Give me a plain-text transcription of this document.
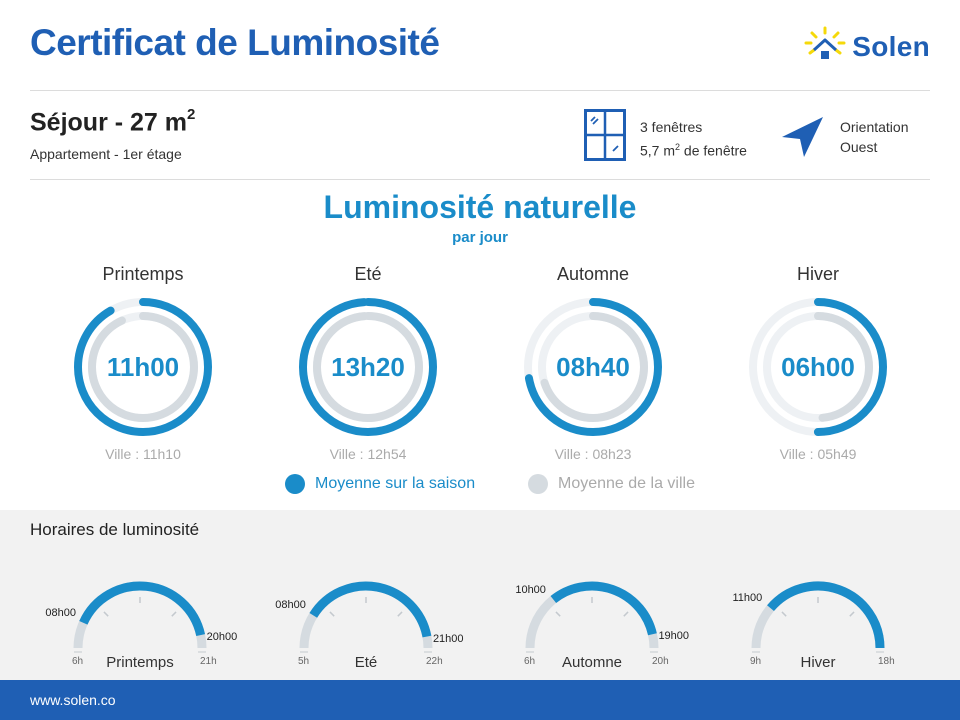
Certificat de Luminosité	Solen
Séjour - 27 $m^2$
Appartement - 1er étage
3 fenêtres
5,7 $m^2$ de fenêtre
Orientation
Ouest
Luminosité naturelle
par jour
Printemps
11h00
Ville : 11h10
Eté
13h20
Ville : 12h54
Automne
08h40
Ville : 08h23
Hiver
06h00
Ville : 05h49
Moyenne sur la saison	Moyenne de la ville
Horaires de luminosité
6h	21h
Printemps
08h00
20h00
5h	22h
Eté
08h00
21h00
6h	20h
Automne
10h00
19h00
9h	18h
Hiver
11h00
www.solen.co
